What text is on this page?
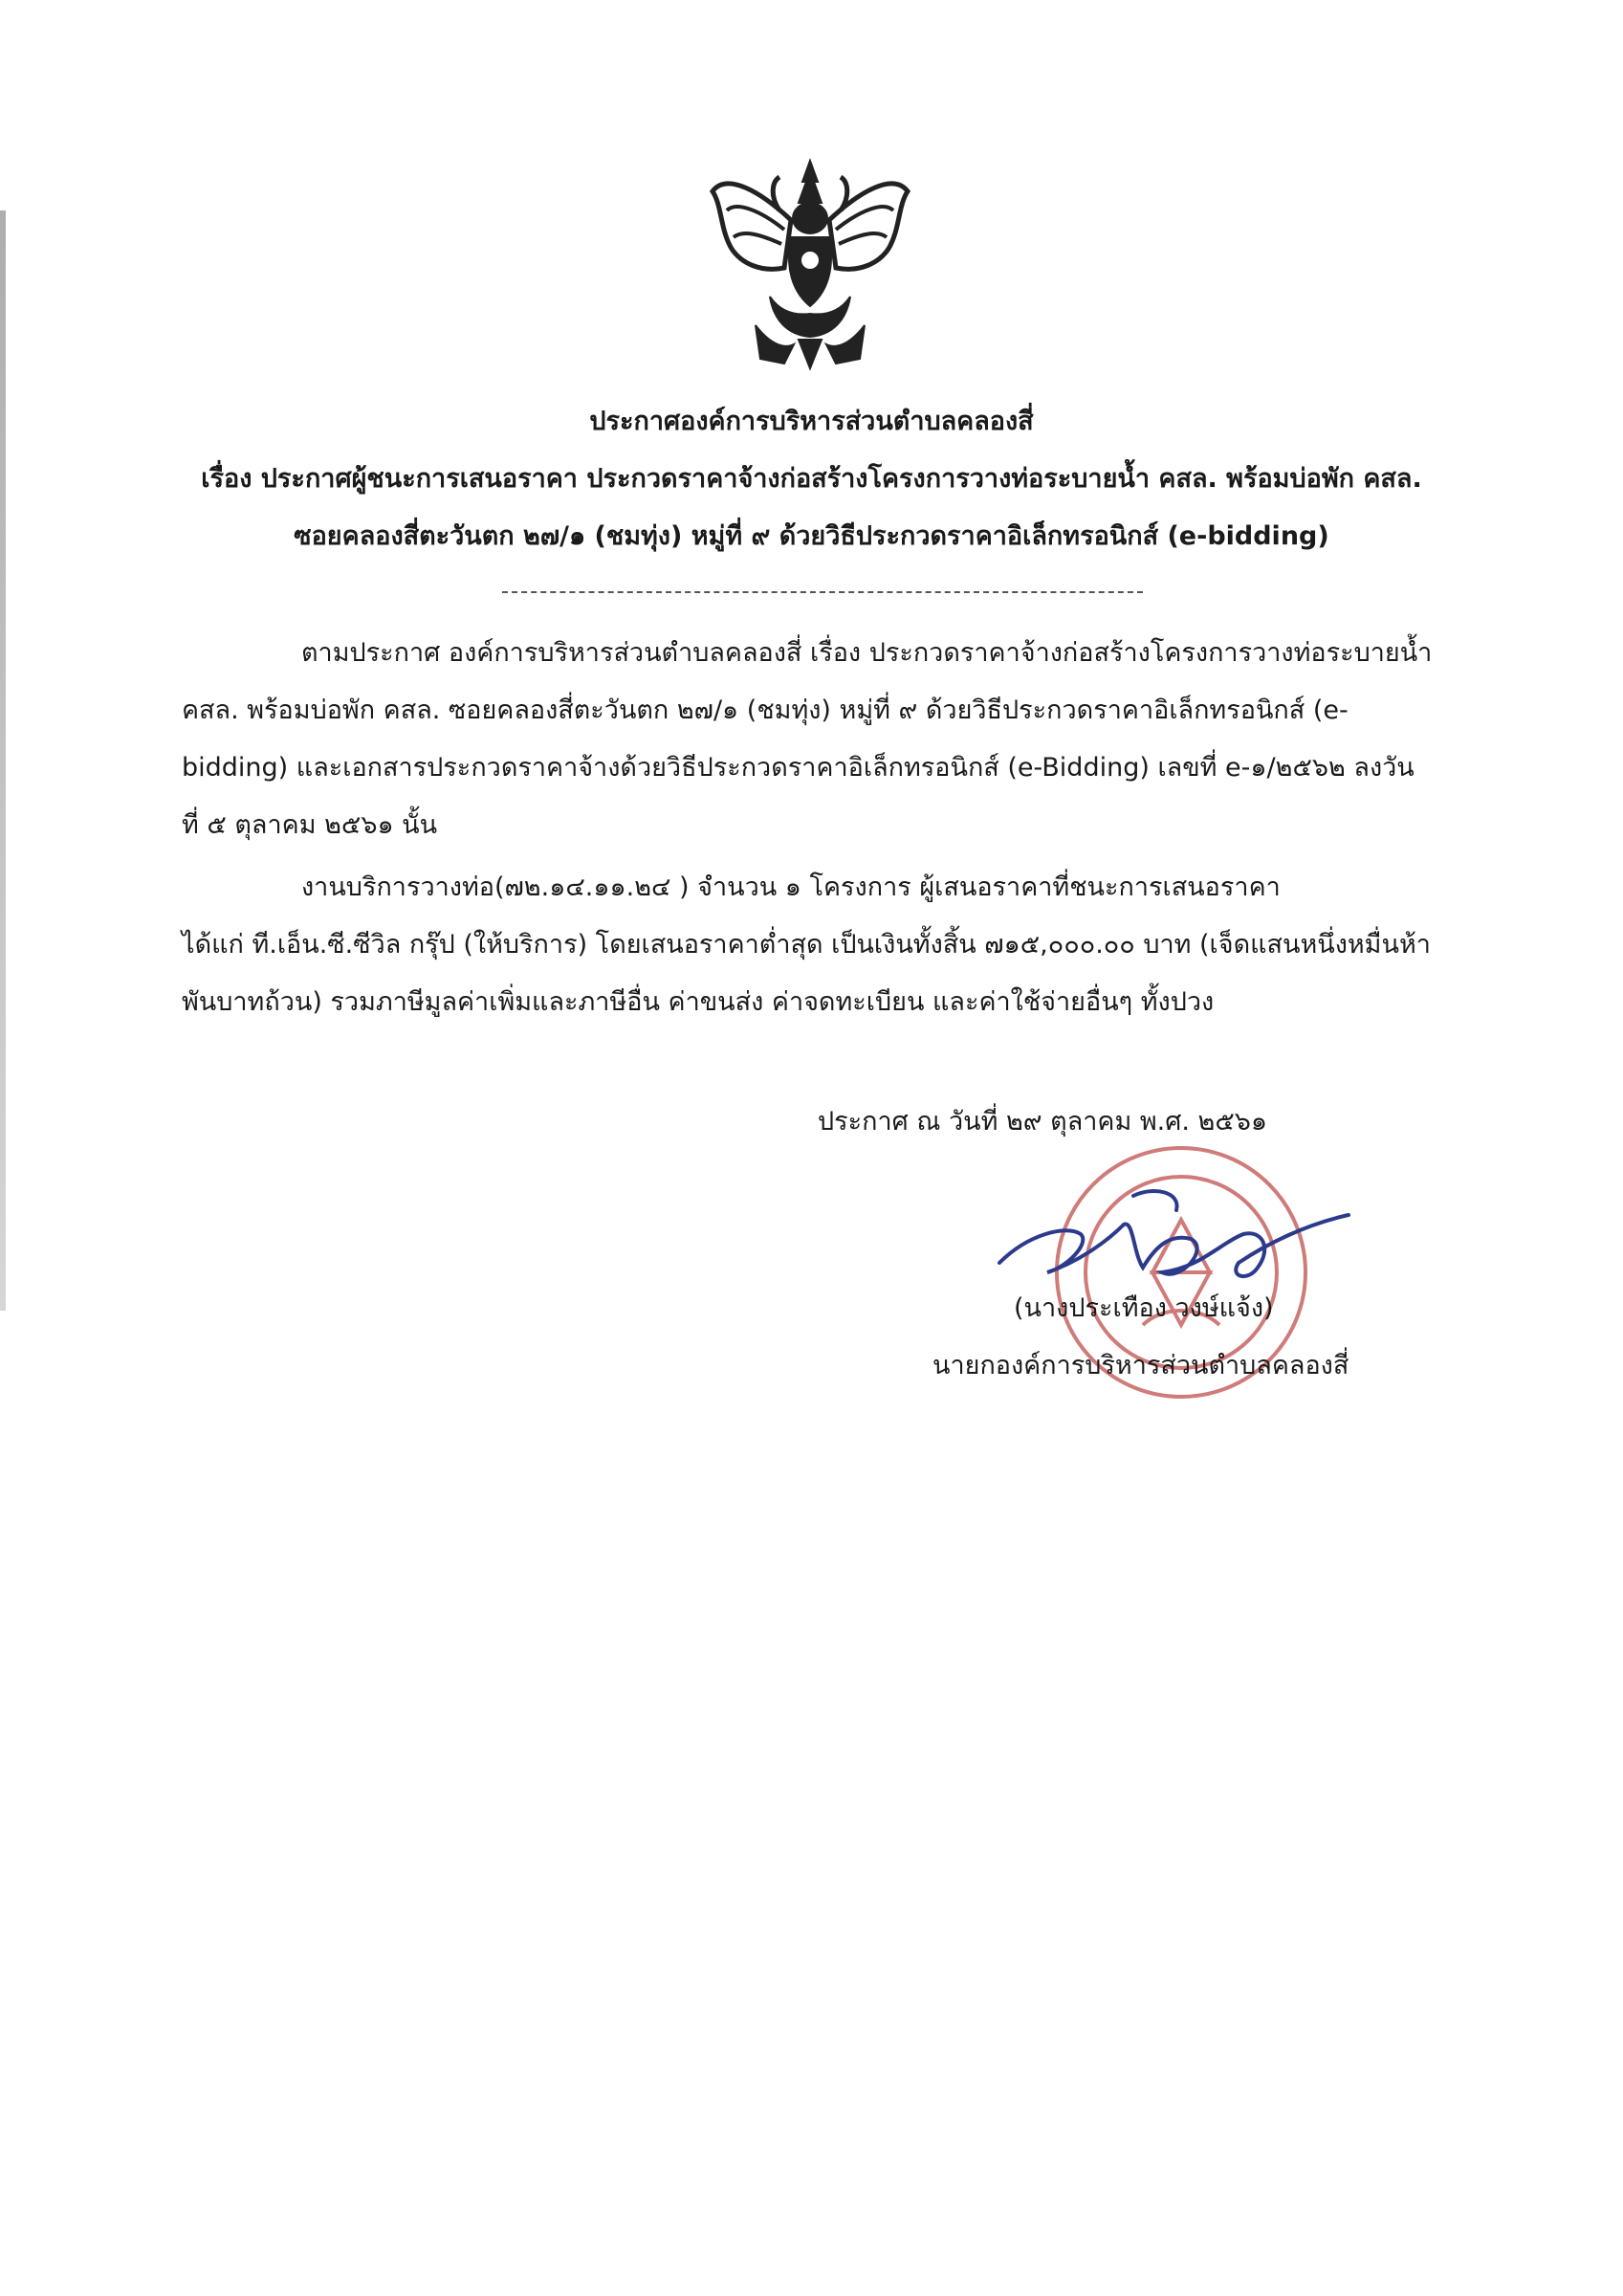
ประกาศองค์การบริหารส่วนตำบลคลองสี่
เรื่อง ประกาศผู้ชนะการเสนอราคา ประกวดราคาจ้างก่อสร้างโครงการวางท่อระบายน้ำ คสล. พร้อมบ่อพัก คสล.
ซอยคลองสี่ตะวันตก ๒๗/๑ (ชมทุ่ง) หมู่ที่ ๙ ด้วยวิธีประกวดราคาอิเล็กทรอนิกส์ (e-bidding)
ตามประกาศ องค์การบริหารส่วนตำบลคลองสี่ เรื่อง ประกวดราคาจ้างก่อสร้างโครงการวางท่อระบายน้ำ
คสล. พร้อมบ่อพัก คสล. ซอยคลองสี่ตะวันตก ๒๗/๑ (ชมทุ่ง) หมู่ที่ ๙ ด้วยวิธีประกวดราคาอิเล็กทรอนิกส์ (e-
bidding) และเอกสารประกวดราคาจ้างด้วยวิธีประกวดราคาอิเล็กทรอนิกส์ (e-Bidding) เลขที่ e-๑/๒๕๖๒ ลงวัน
ที่ ๕ ตุลาคม ๒๕๖๑ นั้น
งานบริการวางท่อ(๗๒.๑๔.๑๑.๒๔ ) จำนวน ๑ โครงการ ผู้เสนอราคาที่ชนะการเสนอราคา
ได้แก่ ที.เอ็น.ซี.ซีวิล กรุ๊ป (ให้บริการ) โดยเสนอราคาต่ำสุด เป็นเงินทั้งสิ้น ๗๑๕,๐๐๐.๐๐ บาท (เจ็ดแสนหนึ่งหมื่นห้า
พันบาทถ้วน) รวมภาษีมูลค่าเพิ่มและภาษีอื่น ค่าขนส่ง ค่าจดทะเบียน และค่าใช้จ่ายอื่นๆ ทั้งปวง
ประกาศ ณ วันที่ ๒๙ ตุลาคม พ.ศ. ๒๕๖๑
(นางประเทือง วงษ์แจ้ง)
นายกองค์การบริหารส่วนตำบลคลองสี่
